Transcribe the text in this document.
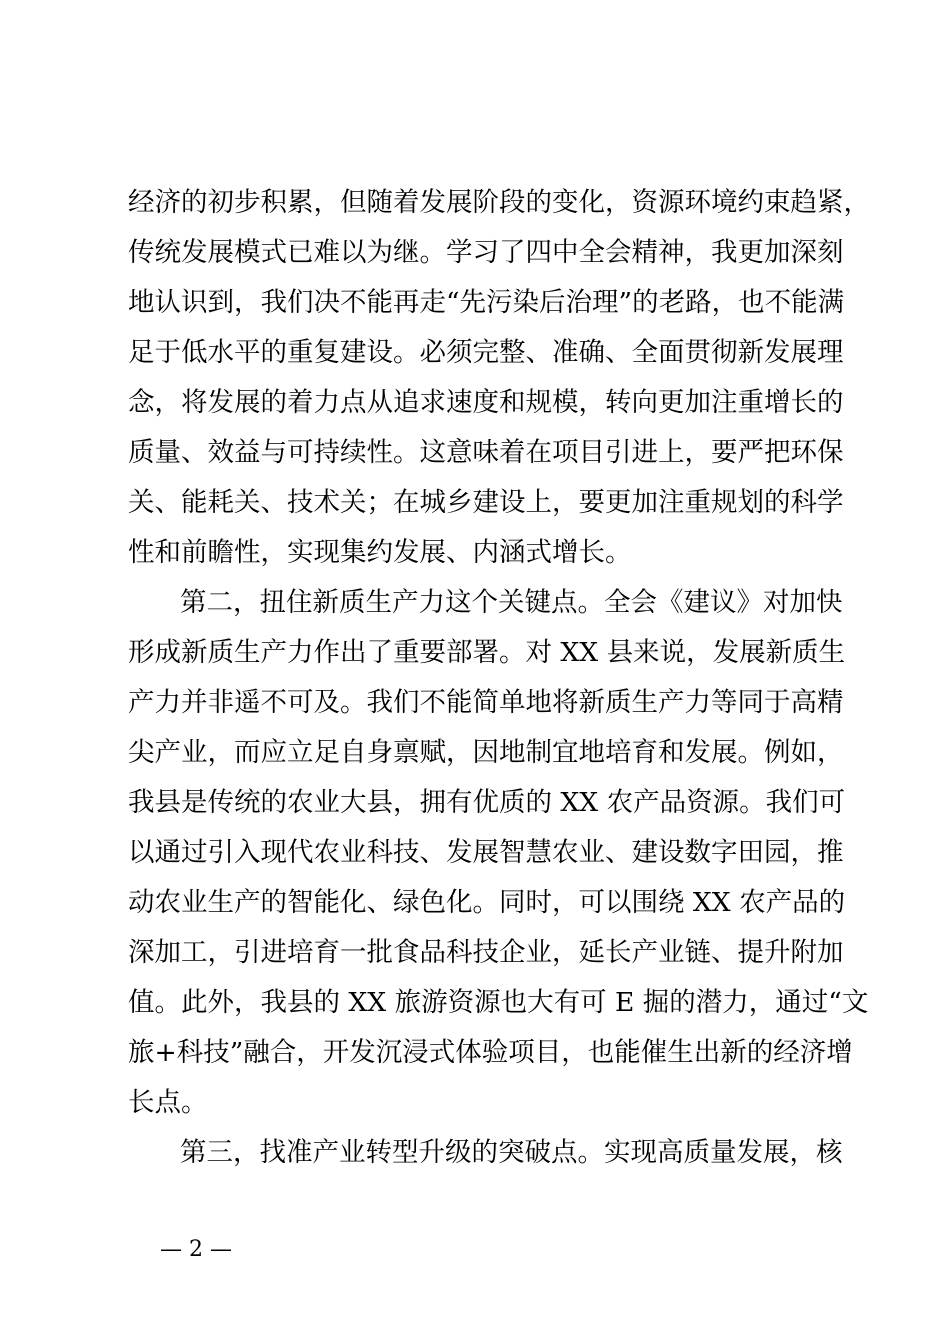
经济的初步积累，但随着发展阶段的变化，资源环境约束趋紧，
传统发展模式已难以为继。学习了四中全会精神，我更加深刻
地认识到，我们决不能再走“先污染后治理”的老路，也不能满
足于低水平的重复建设。必须完整、准确、全面贯彻新发展理
念，将发展的着力点从追求速度和规模，转向更加注重增长的
质量、效益与可持续性。这意味着在项目引进上，要严把环保
关、能耗关、技术关；在城乡建设上，要更加注重规划的科学
性和前瞻性，实现集约发展、内涵式增长。
第二，扭住新质生产力这个关键点。全会《建议》对加快
形成新质生产力作出了重要部署。对 XX 县来说，发展新质生
产力并非遥不可及。我们不能简单地将新质生产力等同于高精
尖产业，而应立足自身禀赋，因地制宜地培育和发展。例如，
我县是传统的农业大县，拥有优质的 XX 农产品资源。我们可
以通过引入现代农业科技、发展智慧农业、建设数字田园，推
动农业生产的智能化、绿色化。同时，可以围绕 XX 农产品的
深加工，引进培育一批食品科技企业，延长产业链、提升附加
值。此外，我县的 XX 旅游资源也大有可 E 掘的潜力，通过“文
旅+科技”融合，开发沉浸式体验项目，也能催生出新的经济增
长点。
第三，找准产业转型升级的突破点。实现高质量发展，核
— 2 —
